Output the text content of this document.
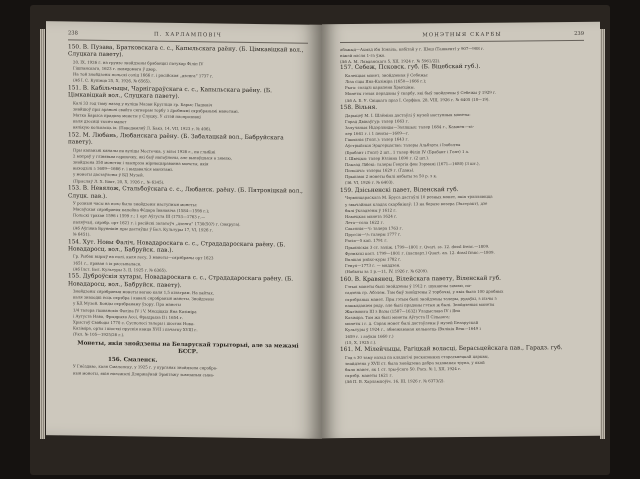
238	П. ХАРЛАМПОВІЧ
150. В. Пузава, Братковскага с. с., Капыльскага раёну. (Б. Цімкавіцкай вол., Слуцкага павету).
20, IX, 1926 г. на грудзе знойдзены брабанцкі патукар Філіп IV
Гішпанскага, 1623 г. невядомага ў двор.
На той знойдзены польскі соліц 1666 г. і расійская „дзенга“ 1737 г.
(Аб І. С. Купінца 25, X, 1926, № 6565).
151. В. Кабільчыцы, Чарнігараўскага с. с., Капыльскага раёну. (Б. Цімкавіцкай вол., Слуцкага павету).
Калі 33 год таму назад у вуліца Мазан Кругліца гр. Барыс Пашовіч
знайшоў пры араньні свайго сягнерам торбу з дробнымі сярэбранымі манетамі.
Матка Барыса прадала монеты у Слуцку. У сітэй паспрознаці
каля дзесяці тысяч манет
вялікую колькасць іх. (Паведамляў Л. Бакэ, 14, VII, 1923 г. № 406).
152. М. Любань, Любанскага раёну. (Б. Забалацкай вол., Бабруйскага павету).
Пры капаньні каналы на вуліцы Местечка, у вілеі 1926 г., на глыбіні
2 мэтраў у глінявым гаршочку, які быў напоўнены, але выпаўшыся а зямлю,
знойдзена 350 монетак і звыпрэза мірнюцыраванна монеты, якія
выходзілі з 1609—1666 г. і выдаваліся манэтамі.
у монеты дастаўлены ў БД Музей.
(Прыслаў Л. Х. Бакт, 20, X, 1926 г., № 6345).
153. В. Невялож, Стальбоўскага с. с., Любанск. раёну. (Б. Пятровіцкай вол., Слуцк. пав.).
У розныя часы на поле было знойдзены наступныя монеты:
Масаўская сярэбраная капейка Фёдара Іванавіча (1584—1598 г.);
Польскі трахан 1596 і 1599 г.; 1 орт Аўгуста III (1753—1763 г.—
паляўчы), сярэбр. орт 1621 г. і расійскі залатоўч „дзенга“ 1730(50?) г. (закруга).
(Аб Аўгіяна Бруянікін пры дастаўцы ў Бел. Культуры 17, VI, 1926 г.
№ 6451).
154. Хут. Новы Фаліч, Новадароскага с. с., Стрададароскага раёну. (Б. Новадаросц. вол., Бабруйск. пав.).
Гр. Рыбак вырыў на полі, каля лесу, 3 манеты—сярэбраны орт 1623
1651 г., правая з іх рассыпалася.
(Аб Ілст. Бел. Культуры 3, II, 1925 г. № 6365).
155. Дуброўскія хутары, Новадароскага с. с., Стрададароскага раёну. (Б. Новадаросц. вол., Бабруйск. павету).
Знойдзены сярэбраныя монеты вагою каля 1,5 кілаграм. На хайтах,
каля знаходкі ёсць сярэбра і кавалі сярэбраныя манеты. Знойдзены
у БД Музей. Бонды сярэбранаму ўзору. Пра манеты
1/4 талера гішпанскіх Фаліпа IV і V. Мясціцкіх Яна Казіміра
і Аугуста Нава, Фрыдрыха Асеі, Фрыдрыха ІІ і 1654 г.
Хрыстоў Свабоды 1770 с. Сусполосі талеры і шостак Нова-
Казіміра, орты і шосткі прускія канца XVII і пачатку XVIII г.
(Укл. № 105—1925/26 г.).
Монеты, якія знойдзены на Беларускай тэрыторыі, але за межамі БССР.
156. Смаленск.
У Гнёздаве, каля Смаленску, у 1925 г. у курганах знойдзена сярэбра-
ныя монеты, якія належылі Дзяржаўнай Эрмітажу зьвязаныя сына-
МОНЭТНЫЯ СКАРБЫ	239
абажыд—Ахмад ібн Ісмаіль, кабітай у г. Шаш (Ташкент) у 907—908 г.
ніжэй пасля 1-га ўжо.
(Аб А. М. Лявданскага 5, XII, 1924 г. № 5961/22).
157. Себеж, Псковск. губ. (Б. Віцебскай губ.).
Калекцыя манет, знойдзеная ў Себежы:
Ліза сіцы Яна-Казіміра (1650—1666 г.);
Рыга: солідзі карапеня Хрысціны.
Монеты гэтыя пераданы ў скарбу, які быў знойдзены ў Себежы ў 1929 г.
(Аб А. Б. У. Свіцкага праз І. Серфіна. 28, VIII, 1926 г. № 6405 (18—19).
158. Вільня.
Дарыцеў М. І. Шлёміна дастаўлі ў музей наступныя монеты:
Горад Двінаўгур: талер 1663 г.
Залучаныя Нідэрланды—Залпшых: талер 1684 г., Кампен—та-
лер 1641 г. і 1 пенсы—1609—г.
Гішпанія (Гопт.): талер 1643 г.
Аўстрыйскія Эрцгерцаства: талеры Альбэрта і Ізабэлты
(Брабант і Гопт) 2 шт., 1 талер Філіп IV (Брабант і Гопт) 1 а.
І. Швецыя: талер Юліяна 1690 г. (2 шт.).
Паклад Лібекі: талеры Георгія фон Зэрмамі (1671—1680) (3 шт.),
Польшча: талеры 1629 г. (Гдань).
Прыпамя 2 монеты былі набыты за 50 р. з к.
(Зб. VI, 1926 г. № 6403).
159. Дзісьненскі павет, Віленскай губ.
Чэрвонцараскага M. Бруса дастаўлі 10 розных монет, якія трапляюцца
у звычайныя кладах скарбнікаў: 13 на беразе возера (Экстракт), дзе
былі ўкладзены ў 1612 г.
Намецкая манета 1624 г.
Лета—сола 1622 г.
Саксонія—¹/₂ талера 1763 г.
Пруссія—¹/₃ талеры 1777 г.
Расія—5 кап. 1791 г.
Прыяніскія 3 ст. заліж. 1799—1801 г. Qvart. ss. 12. dossl frenc.—1809.
Фрэнкскі кост. 1799—1801 г. (паспарт.) Quart. an. 12. dossl franc.—1809.
Вялікая рэйхс-куры 1782 г.
Генуя—1773 г. — мяддзен.
(Набыты за 1 р.—11, IV, 1926 г. № 6209).
160. В. Кравянец, Вілейскага павету, Віленскай губ.
Гэтыя манеты былі знойдзены ў 1912 г. шукаючы зямлю, па-
садзень гр. Абэлем. Там быў знойдзены 2 торбачкі, у якіх было 100 дробных
сярэбраных манет. Пры гэтым былі знойдзены талеры, рудаўкі, з ільчы з
пашкаданіем роду, але былі праданы гэтыя ж былі. Знойдзеныя манеты
Жыгімонта ІІІ з Вазы (1587—1632) Уладыслава IV і Яна
Казіміра. Там жа былі монеты Аўгуста ІІ Сільнага;
монеты і г. д. Сорак монет былі дастаўлены ў музей Беларускай
Культуры ў 1924 г., абмежаваная колькасць (Вялікія Веш—1649 і
1659 г. і лоўкія 1660 г.)
(15, X, 1925 г.).
161. М. Мілейчыцы, Рагіцкай воласці, Берасьцейскага пав., Гарадз. губ.
Год з 30 таму назад па кладагічі раскапаннях старасьвецкай царквы,
знайдзена у XVII ст. была знойдзена дабра захаваная труна, у якой
было манет, як 1 ст. тры-ўсяго 50. Расх. № 1, XII, 1924 г.
сярэбр. манеты 1621 г.
(Аб П. В. Харлампоўіч. 16, III, 1926 г. № 6373/2).
